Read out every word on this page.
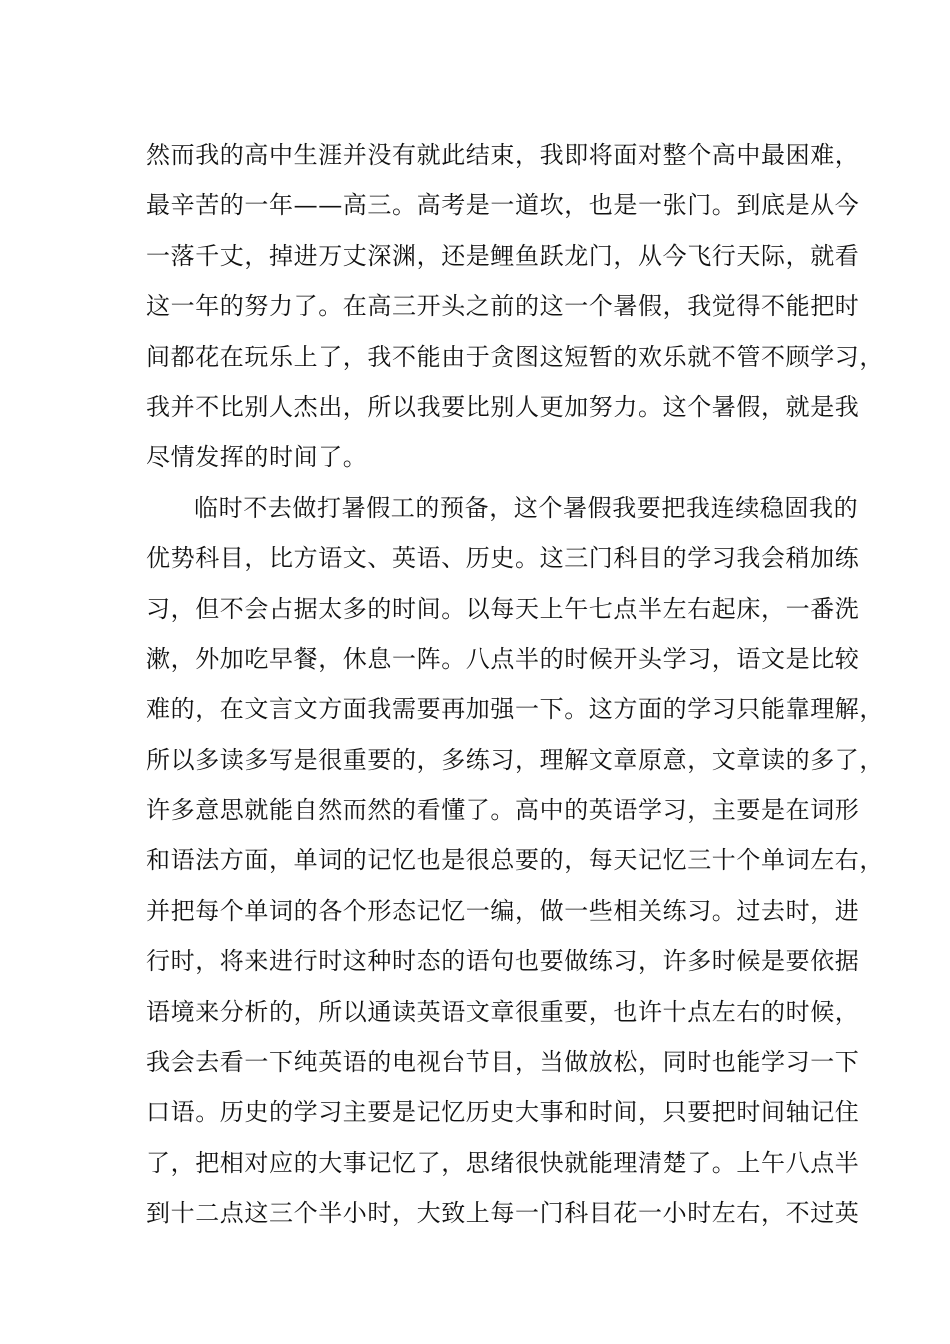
然而我的高中生涯并没有就此结束，我即将面对整个高中最困难，
最辛苦的一年——高三。高考是一道坎，也是一张门。到底是从今
一落千丈，掉进万丈深渊，还是鲤鱼跃龙门，从今飞行天际，就看
这一年的努力了。在高三开头之前的这一个暑假，我觉得不能把时
间都花在玩乐上了，我不能由于贪图这短暂的欢乐就不管不顾学习，
我并不比别人杰出，所以我要比别人更加努力。这个暑假，就是我
尽情发挥的时间了。
临时不去做打暑假工的预备，这个暑假我要把我连续稳固我的
优势科目，比方语文、英语、历史。这三门科目的学习我会稍加练
习，但不会占据太多的时间。以每天上午七点半左右起床，一番洗
漱，外加吃早餐，休息一阵。八点半的时候开头学习，语文是比较
难的，在文言文方面我需要再加强一下。这方面的学习只能靠理解，
所以多读多写是很重要的，多练习，理解文章原意，文章读的多了，
许多意思就能自然而然的看懂了。高中的英语学习，主要是在词形
和语法方面，单词的记忆也是很总要的，每天记忆三十个单词左右，
并把每个单词的各个形态记忆一编，做一些相关练习。过去时，进
行时，将来进行时这种时态的语句也要做练习，许多时候是要依据
语境来分析的，所以通读英语文章很重要，也许十点左右的时候，
我会去看一下纯英语的电视台节目，当做放松，同时也能学习一下
口语。历史的学习主要是记忆历史大事和时间，只要把时间轴记住
了，把相对应的大事记忆了，思绪很快就能理清楚了。上午八点半
到十二点这三个半小时，大致上每一门科目花一小时左右，不过英
